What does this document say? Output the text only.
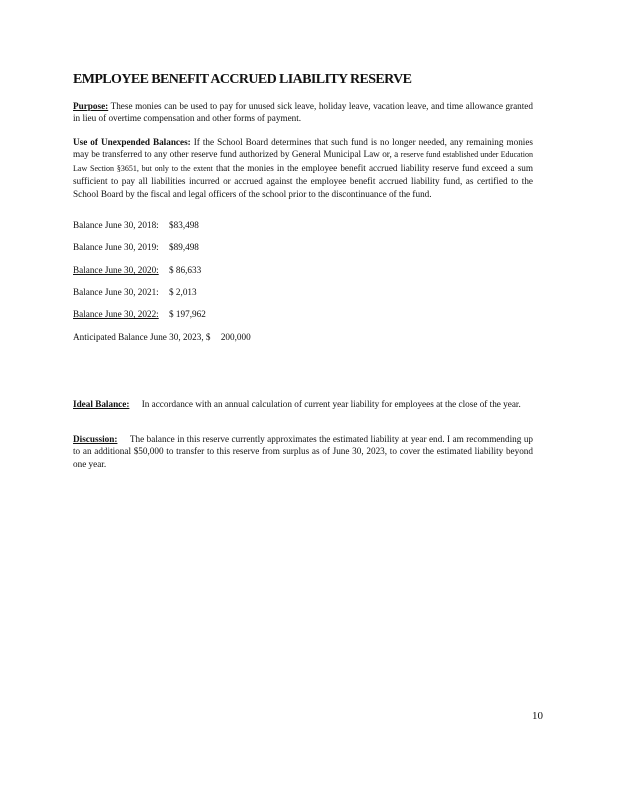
EMPLOYEE BENEFIT ACCRUED LIABILITY RESERVE
Purpose: These monies can be used to pay for unused sick leave, holiday leave, vacation leave, and time allowance granted in lieu of overtime compensation and other forms of payment.
Use of Unexpended Balances: If the School Board determines that such fund is no longer needed, any remaining monies may be transferred to any other reserve fund authorized by General Municipal Law or, a reserve fund established under Education Law Section §3651, but only to the extent that the monies in the employee benefit accrued liability reserve fund exceed a sum sufficient to pay all liabilities incurred or accrued against the employee benefit accrued liability fund, as certified to the School Board by the fiscal and legal officers of the school prior to the discontinuance of the fund.
Balance June 30, 2018: $83,498
Balance June 30, 2019: $89,498
Balance June 30, 2020: $ 86,633
Balance June 30, 2021: $ 2,013
Balance June 30, 2022: $ 197,962
Anticipated Balance June 30, 2023, $ 200,000
Ideal Balance: In accordance with an annual calculation of current year liability for employees at the close of the year.
Discussion: The balance in this reserve currently approximates the estimated liability at year end. I am recommending up to an additional $50,000 to transfer to this reserve from surplus as of June 30, 2023, to cover the estimated liability beyond one year.
10
